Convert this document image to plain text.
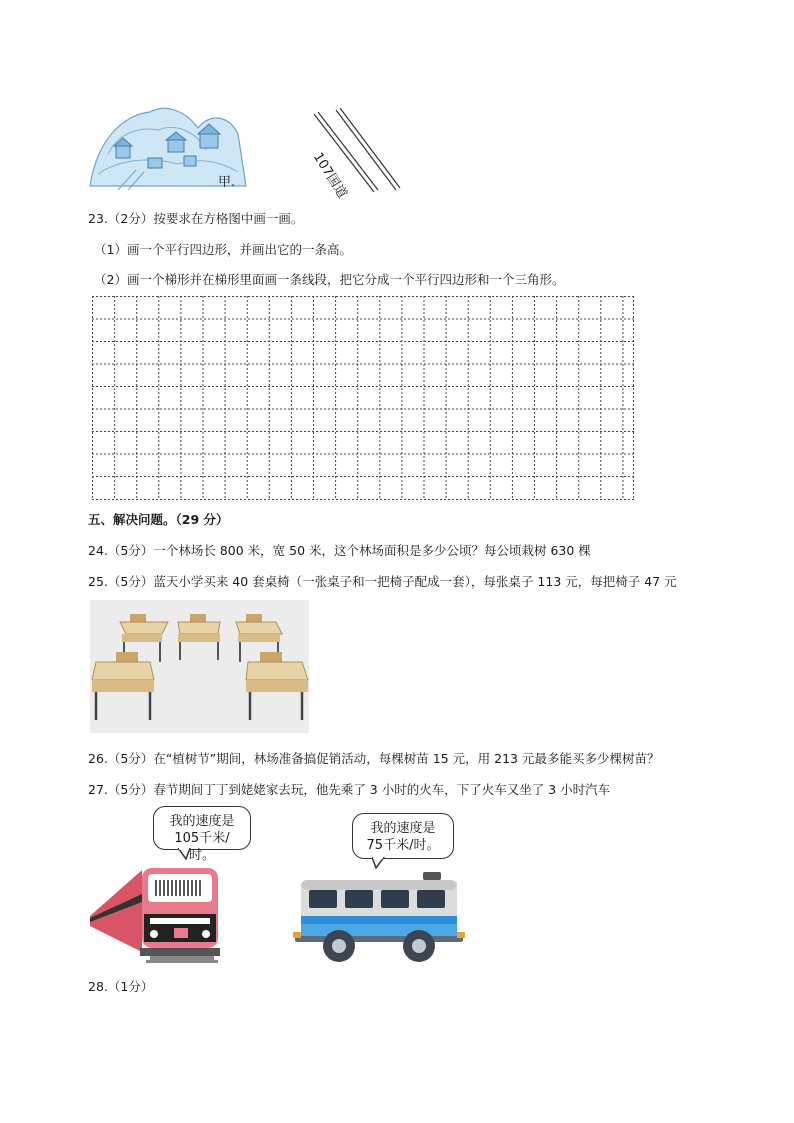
甲.	107国道
23.（2分）按要求在方格图中画一画。
（1）画一个平行四边形，并画出它的一条高。
（2）画一个梯形并在梯形里面画一条线段，把它分成一个平行四边形和一个三角形。
五、解决问题。（29 分）
24.（5分）一个林场长 800 米，宽 50 米，这个林场面积是多少公顷？每公顷栽树 630 棵
25.（5分）蓝天小学买来 40 套桌椅（一张桌子和一把椅子配成一套），每张桌子 113 元，每把椅子 47 元
26.（5分）在“植树节”期间，林场准备搞促销活动，每棵树苗 15 元，用 213 元最多能买多少棵树苗？
27.（5分）春节期间丁丁到姥姥家去玩，他先乘了 3 小时的火车，下了火车又坐了 3 小时汽车
我的速度是
105千米/时。
我的速度是
75千米/时。
28.（1分）
